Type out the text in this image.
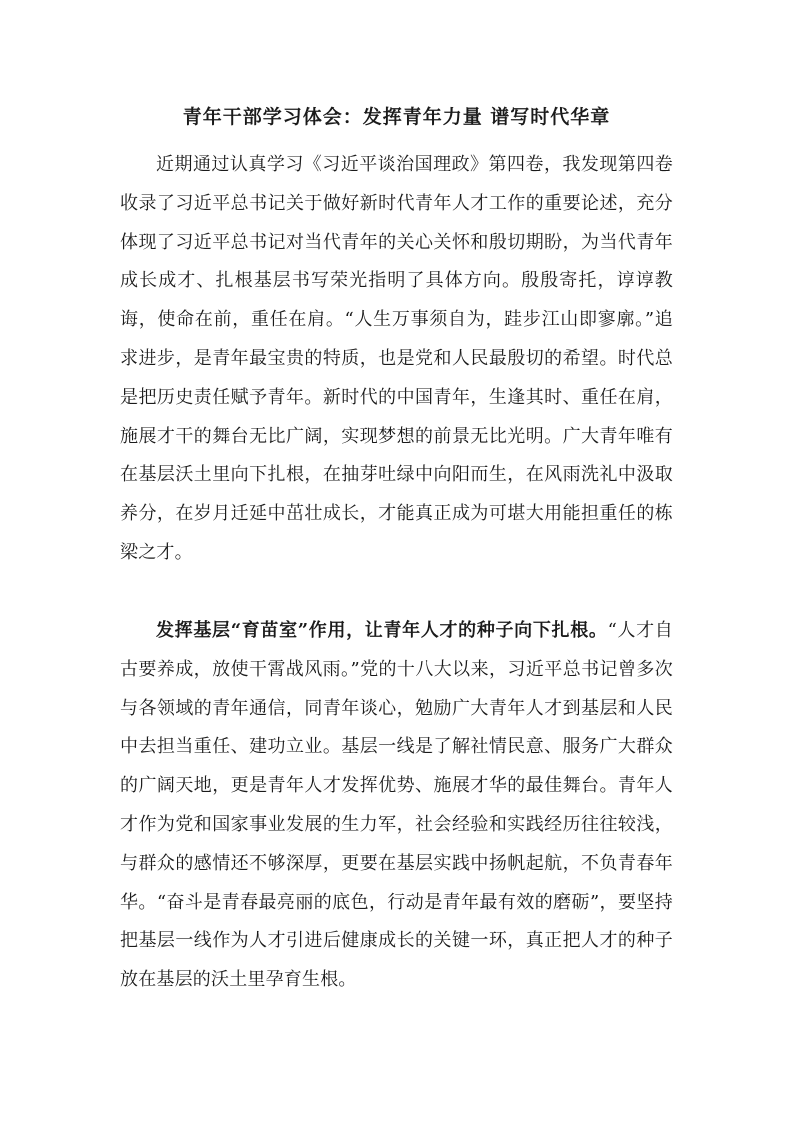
青年干部学习体会：发挥青年力量 谱写时代华章

近期通过认真学习《习近平谈治国理政》第四卷，我发现第四卷收录了习近平总书记关于做好新时代青年人才工作的重要论述，充分体现了习近平总书记对当代青年的关心关怀和殷切期盼，为当代青年成长成才、扎根基层书写荣光指明了具体方向。殷殷寄托，谆谆教诲，使命在前，重任在肩。“人生万事须自为，跬步江山即寥廓。”追求进步，是青年最宝贵的特质，也是党和人民最殷切的希望。时代总是把历史责任赋予青年。新时代的中国青年，生逢其时、重任在肩，施展才干的舞台无比广阔，实现梦想的前景无比光明。广大青年唯有在基层沃土里向下扎根，在抽芽吐绿中向阳而生，在风雨洗礼中汲取养分，在岁月迁延中茁壮成长，才能真正成为可堪大用能担重任的栋梁之才。

发挥基层“育苗室”作用，让青年人才的种子向下扎根。“人才自古要养成，放使干霄战风雨。”党的十八大以来，习近平总书记曾多次与各领域的青年通信，同青年谈心，勉励广大青年人才到基层和人民中去担当重任、建功立业。基层一线是了解社情民意、服务广大群众的广阔天地，更是青年人才发挥优势、施展才华的最佳舞台。青年人才作为党和国家事业发展的生力军，社会经验和实践经历往往较浅，与群众的感情还不够深厚，更要在基层实践中扬帆起航，不负青春年华。“奋斗是青春最亮丽的底色，行动是青年最有效的磨砺”，要坚持把基层一线作为人才引进后健康成长的关键一环，真正把人才的种子放在基层的沃土里孕育生根。
